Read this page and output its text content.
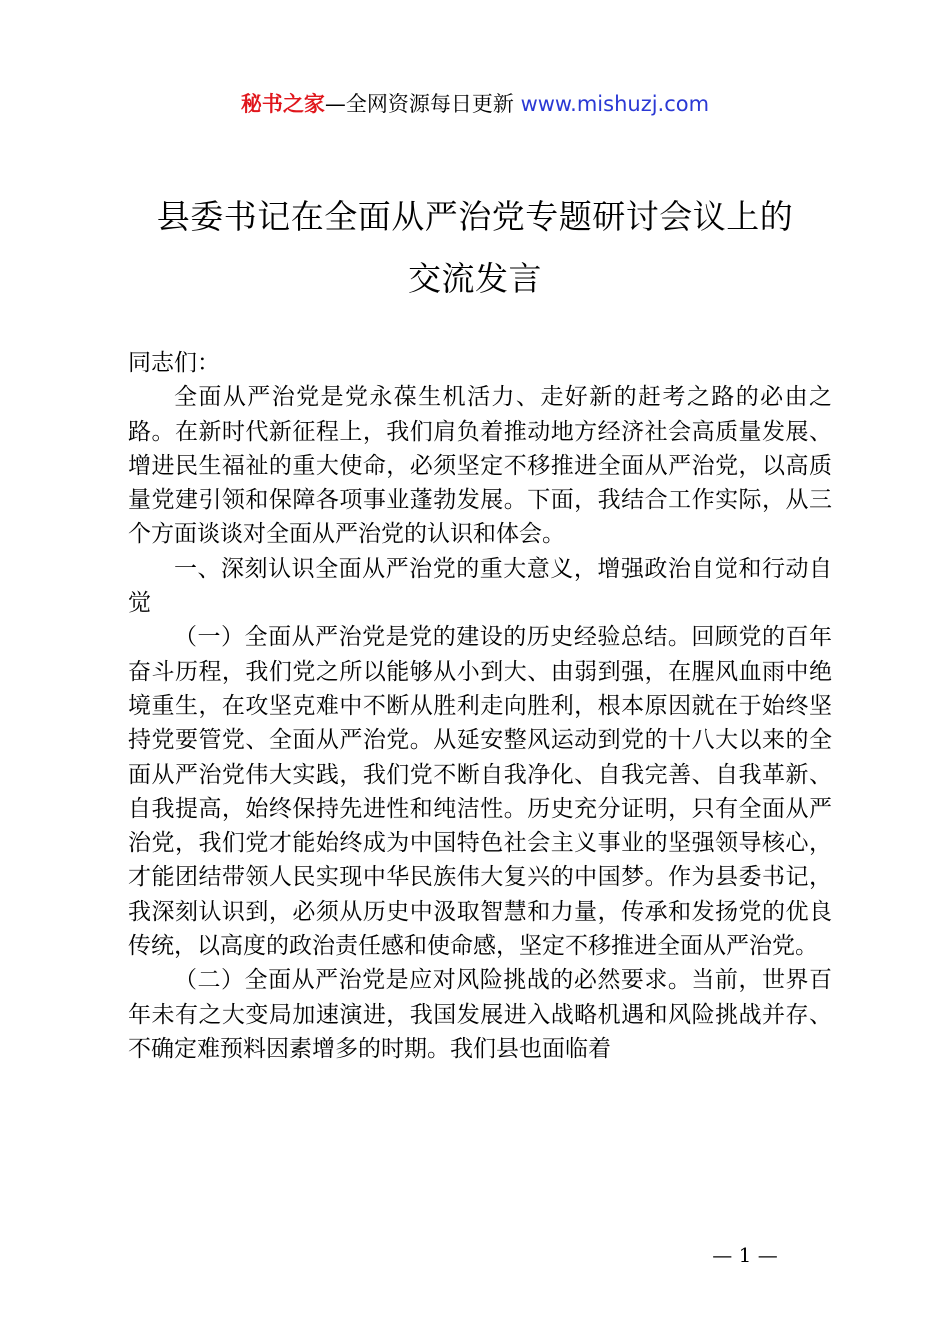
秘书之家—全网资源每日更新 www.mishuzj.com
县委书记在全面从严治党专题研讨会议上的
交流发言

同志们：

全面从严治党是党永葆生机活力、走好新的赶考之路的必由之路。在新时代新征程上，我们肩负着推动地方经济社会高质量发展、增进民生福祉的重大使命，必须坚定不移推进全面从严治党，以高质量党建引领和保障各项事业蓬勃发展。下面，我结合工作实际，从三个方面谈谈对全面从严治党的认识和体会。

一、深刻认识全面从严治党的重大意义，增强政治自觉和行动自觉

（一）全面从严治党是党的建设的历史经验总结。回顾党的百年奋斗历程，我们党之所以能够从小到大、由弱到强，在腥风血雨中绝境重生，在攻坚克难中不断从胜利走向胜利，根本原因就在于始终坚持党要管党、全面从严治党。从延安整风运动到党的十八大以来的全面从严治党伟大实践，我们党不断自我净化、自我完善、自我革新、自我提高，始终保持先进性和纯洁性。历史充分证明，只有全面从严治党，我们党才能始终成为中国特色社会主义事业的坚强领导核心，才能团结带领人民实现中华民族伟大复兴的中国梦。作为县委书记，我深刻认识到，必须从历史中汲取智慧和力量，传承和发扬党的优良传统，以高度的政治责任感和使命感，坚定不移推进全面从严治党。

（二）全面从严治党是应对风险挑战的必然要求。当前，世界百年未有之大变局加速演进，我国发展进入战略机遇和风险挑战并存、不确定难预料因素增多的时期。我们县也面临着

— 1 —
